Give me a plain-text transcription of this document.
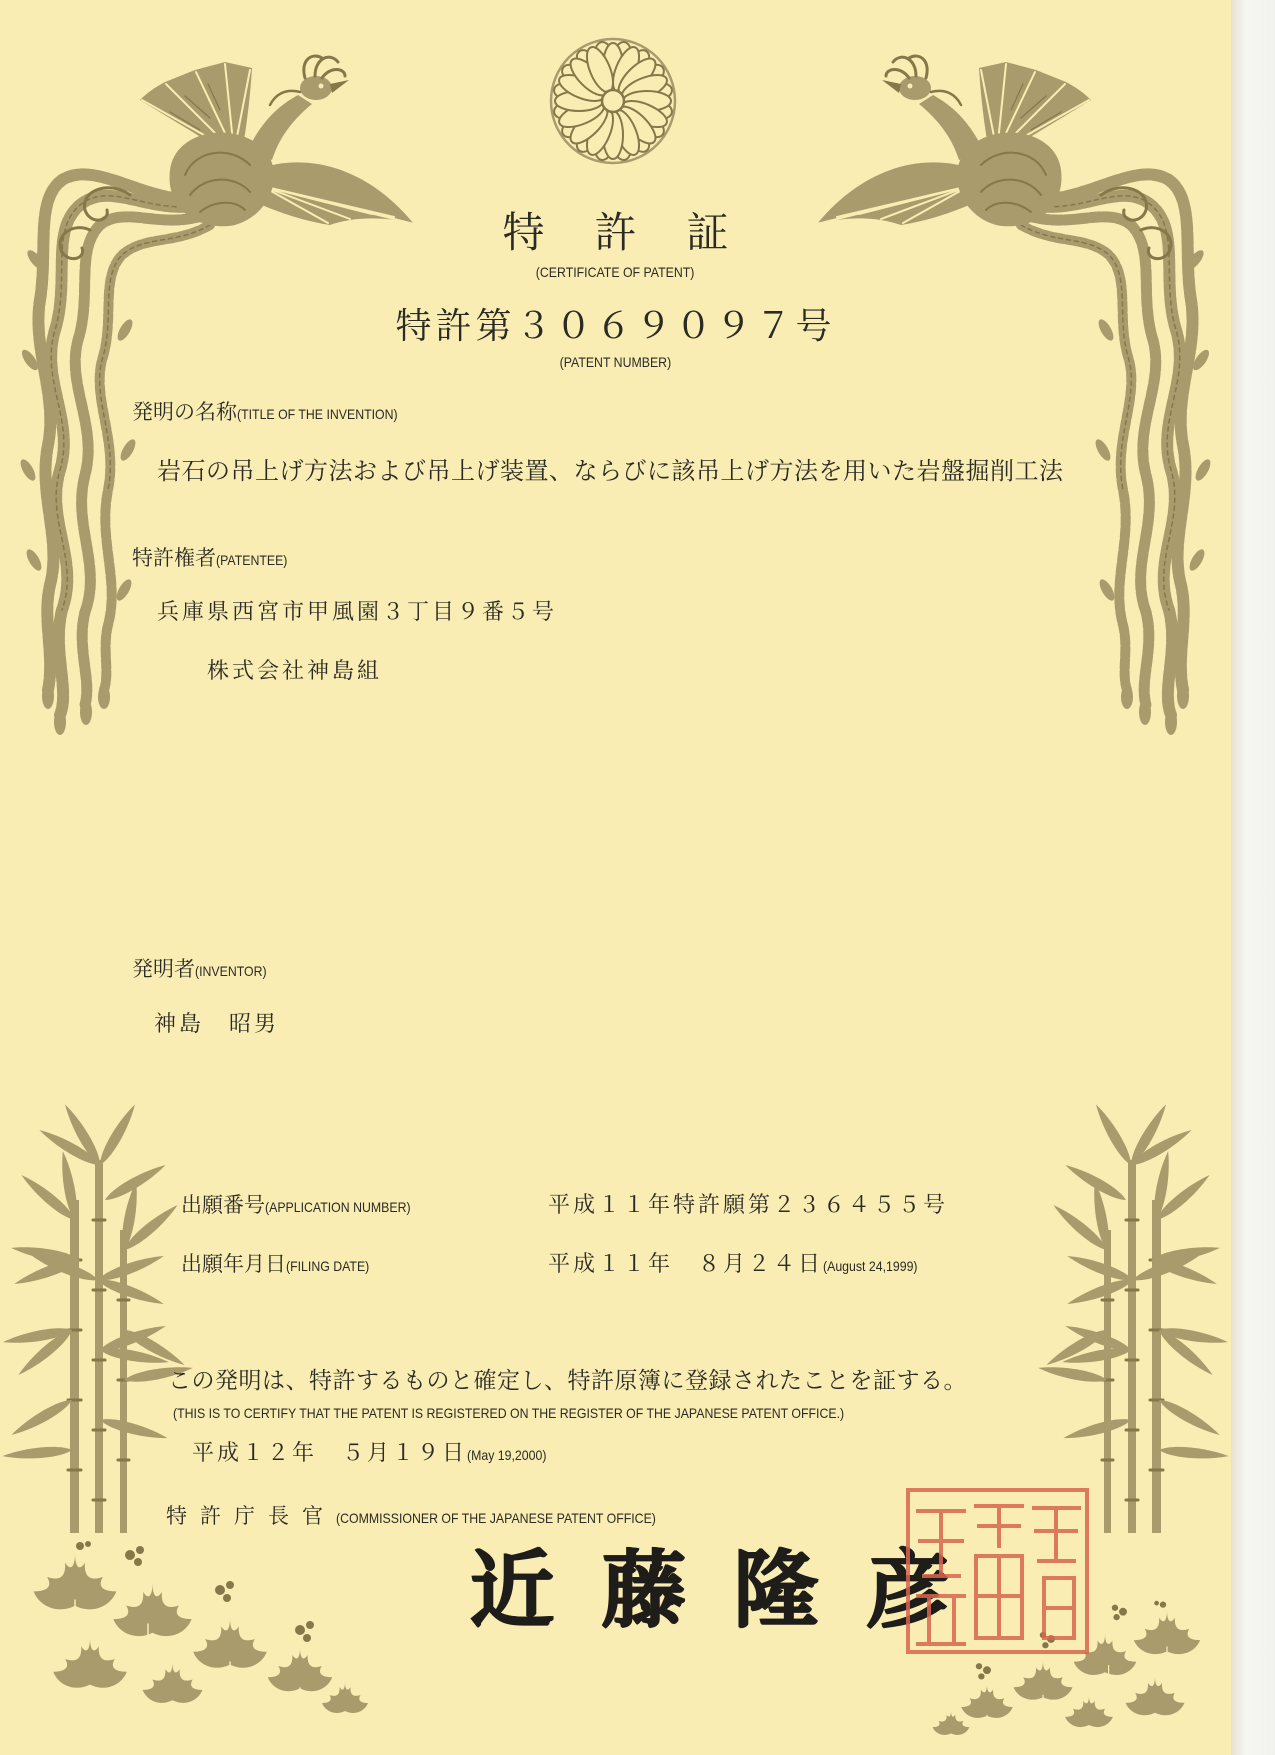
特許証
(CERTIFICATE OF PATENT)
特許第３０６９０９７号
(PATENT NUMBER)
発明の名称(TITLE OF THE INVENTION)
岩石の吊上げ方法および吊上げ装置、ならびに該吊上げ方法を用いた岩盤掘削工法
特許権者(PATENTEE)
兵庫県西宮市甲風園３丁目９番５号
株式会社神島組
発明者(INVENTOR)
神島　昭男
出願番号(APPLICATION NUMBER)	平成１１年特許願第２３６４５５号
出願年月日(FILING DATE)	平成１１年　８月２４日(August 24,1999)
この発明は、特許するものと確定し、特許原簿に登録されたことを証する。
(THIS IS TO CERTIFY THAT THE PATENT IS REGISTERED ON THE REGISTER OF THE JAPANESE PATENT OFFICE.)
平成１２年　５月１９日(May 19,2000)
特許庁長官(COMMISSIONER OF THE JAPANESE PATENT OFFICE)
近藤隆彦
